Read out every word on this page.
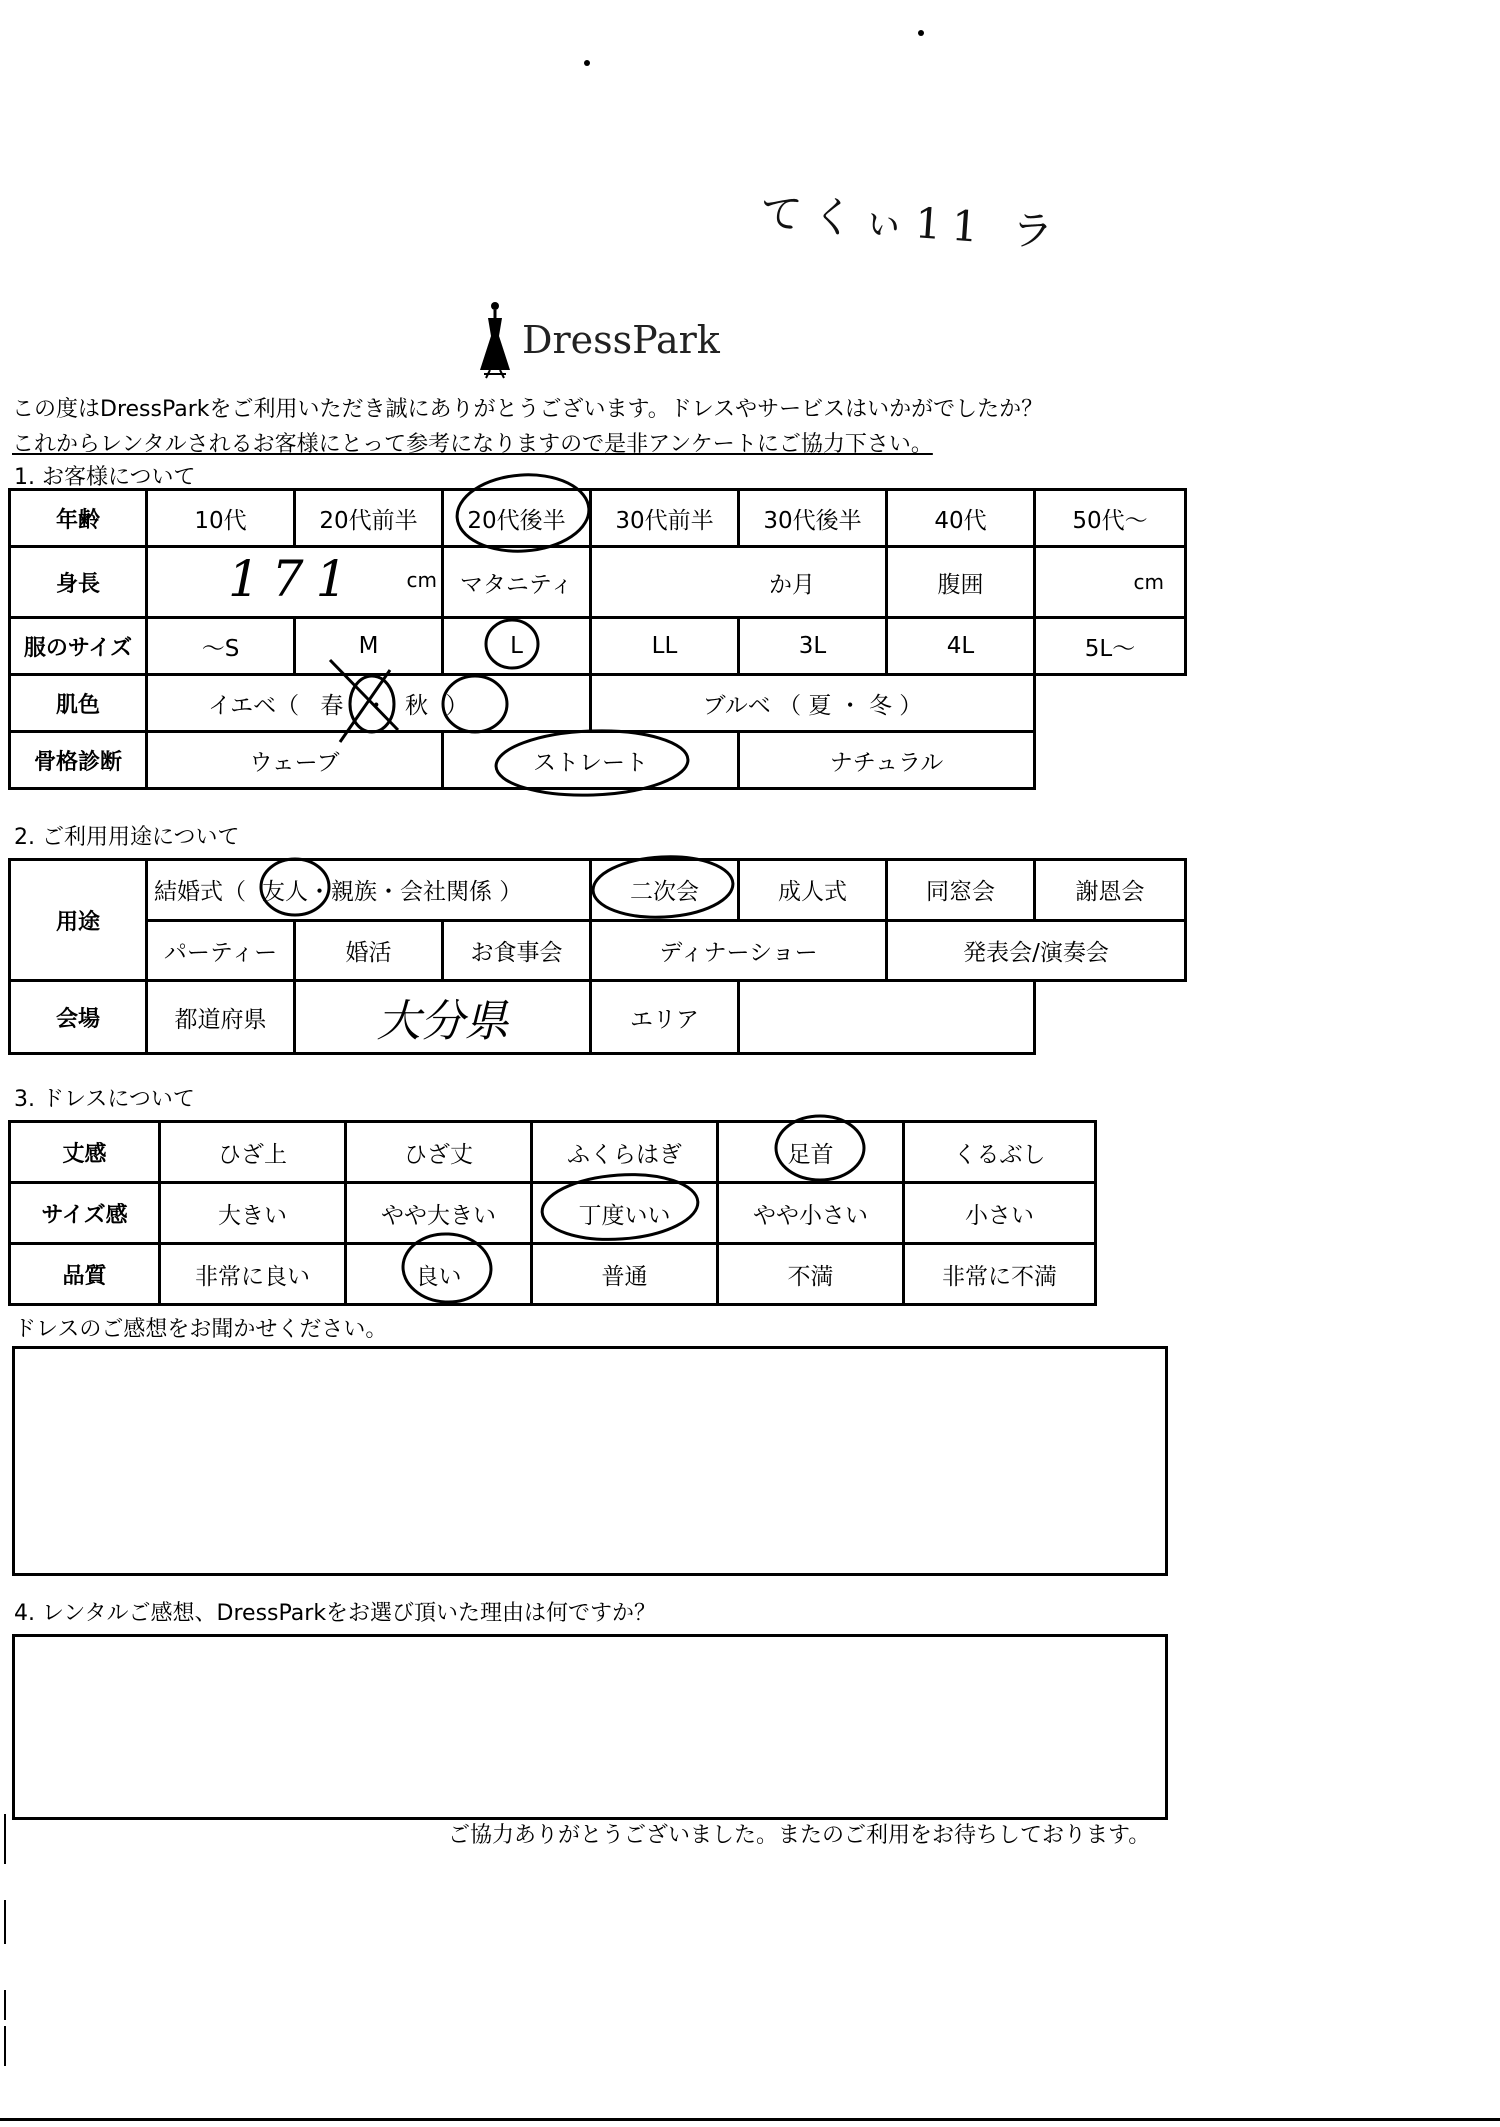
てくぃ11 ラ
DressPark
この度はDressParkをご利用いただき誠にありがとうございます。ドレスやサービスはいかがでしたか？
これからレンタルされるお客様にとって参考になりますので是非アンケートにご協力下さい。
1. お客様について
年齢	10代	20代前半	20代後半	30代前半	30代後半	40代	50代～
身長	171 cm		マタニティ	か月		腹囲	cm
服のサイズ	～S	M	L	LL	3L	4L	5L～
肌色	イエベ（ 春 ・ 秋 ）			ブルベ （ 夏 ・ 冬 ）			
骨格診断	ウェーブ		ストレート		ナチュラル		
2. ご利用用途について
用途	結婚式（ 友人・親族・会社関係 ）			二次会	成人式	同窓会	謝恩会
	パーティー	婚活	お食事会	ディナーショー		発表会/演奏会	
会場	都道府県	大分県		エリア			
3. ドレスについて
丈感	ひざ上	ひざ丈	ふくらはぎ	足首	くるぶし
サイズ感	大きい	やや大きい	丁度いい	やや小さい	小さい
品質	非常に良い	良い	普通	不満	非常に不満
ドレスのご感想をお聞かせください。
4. レンタルご感想、DressParkをお選び頂いた理由は何ですか？
ご協力ありがとうございました。またのご利用をお待ちしております。
